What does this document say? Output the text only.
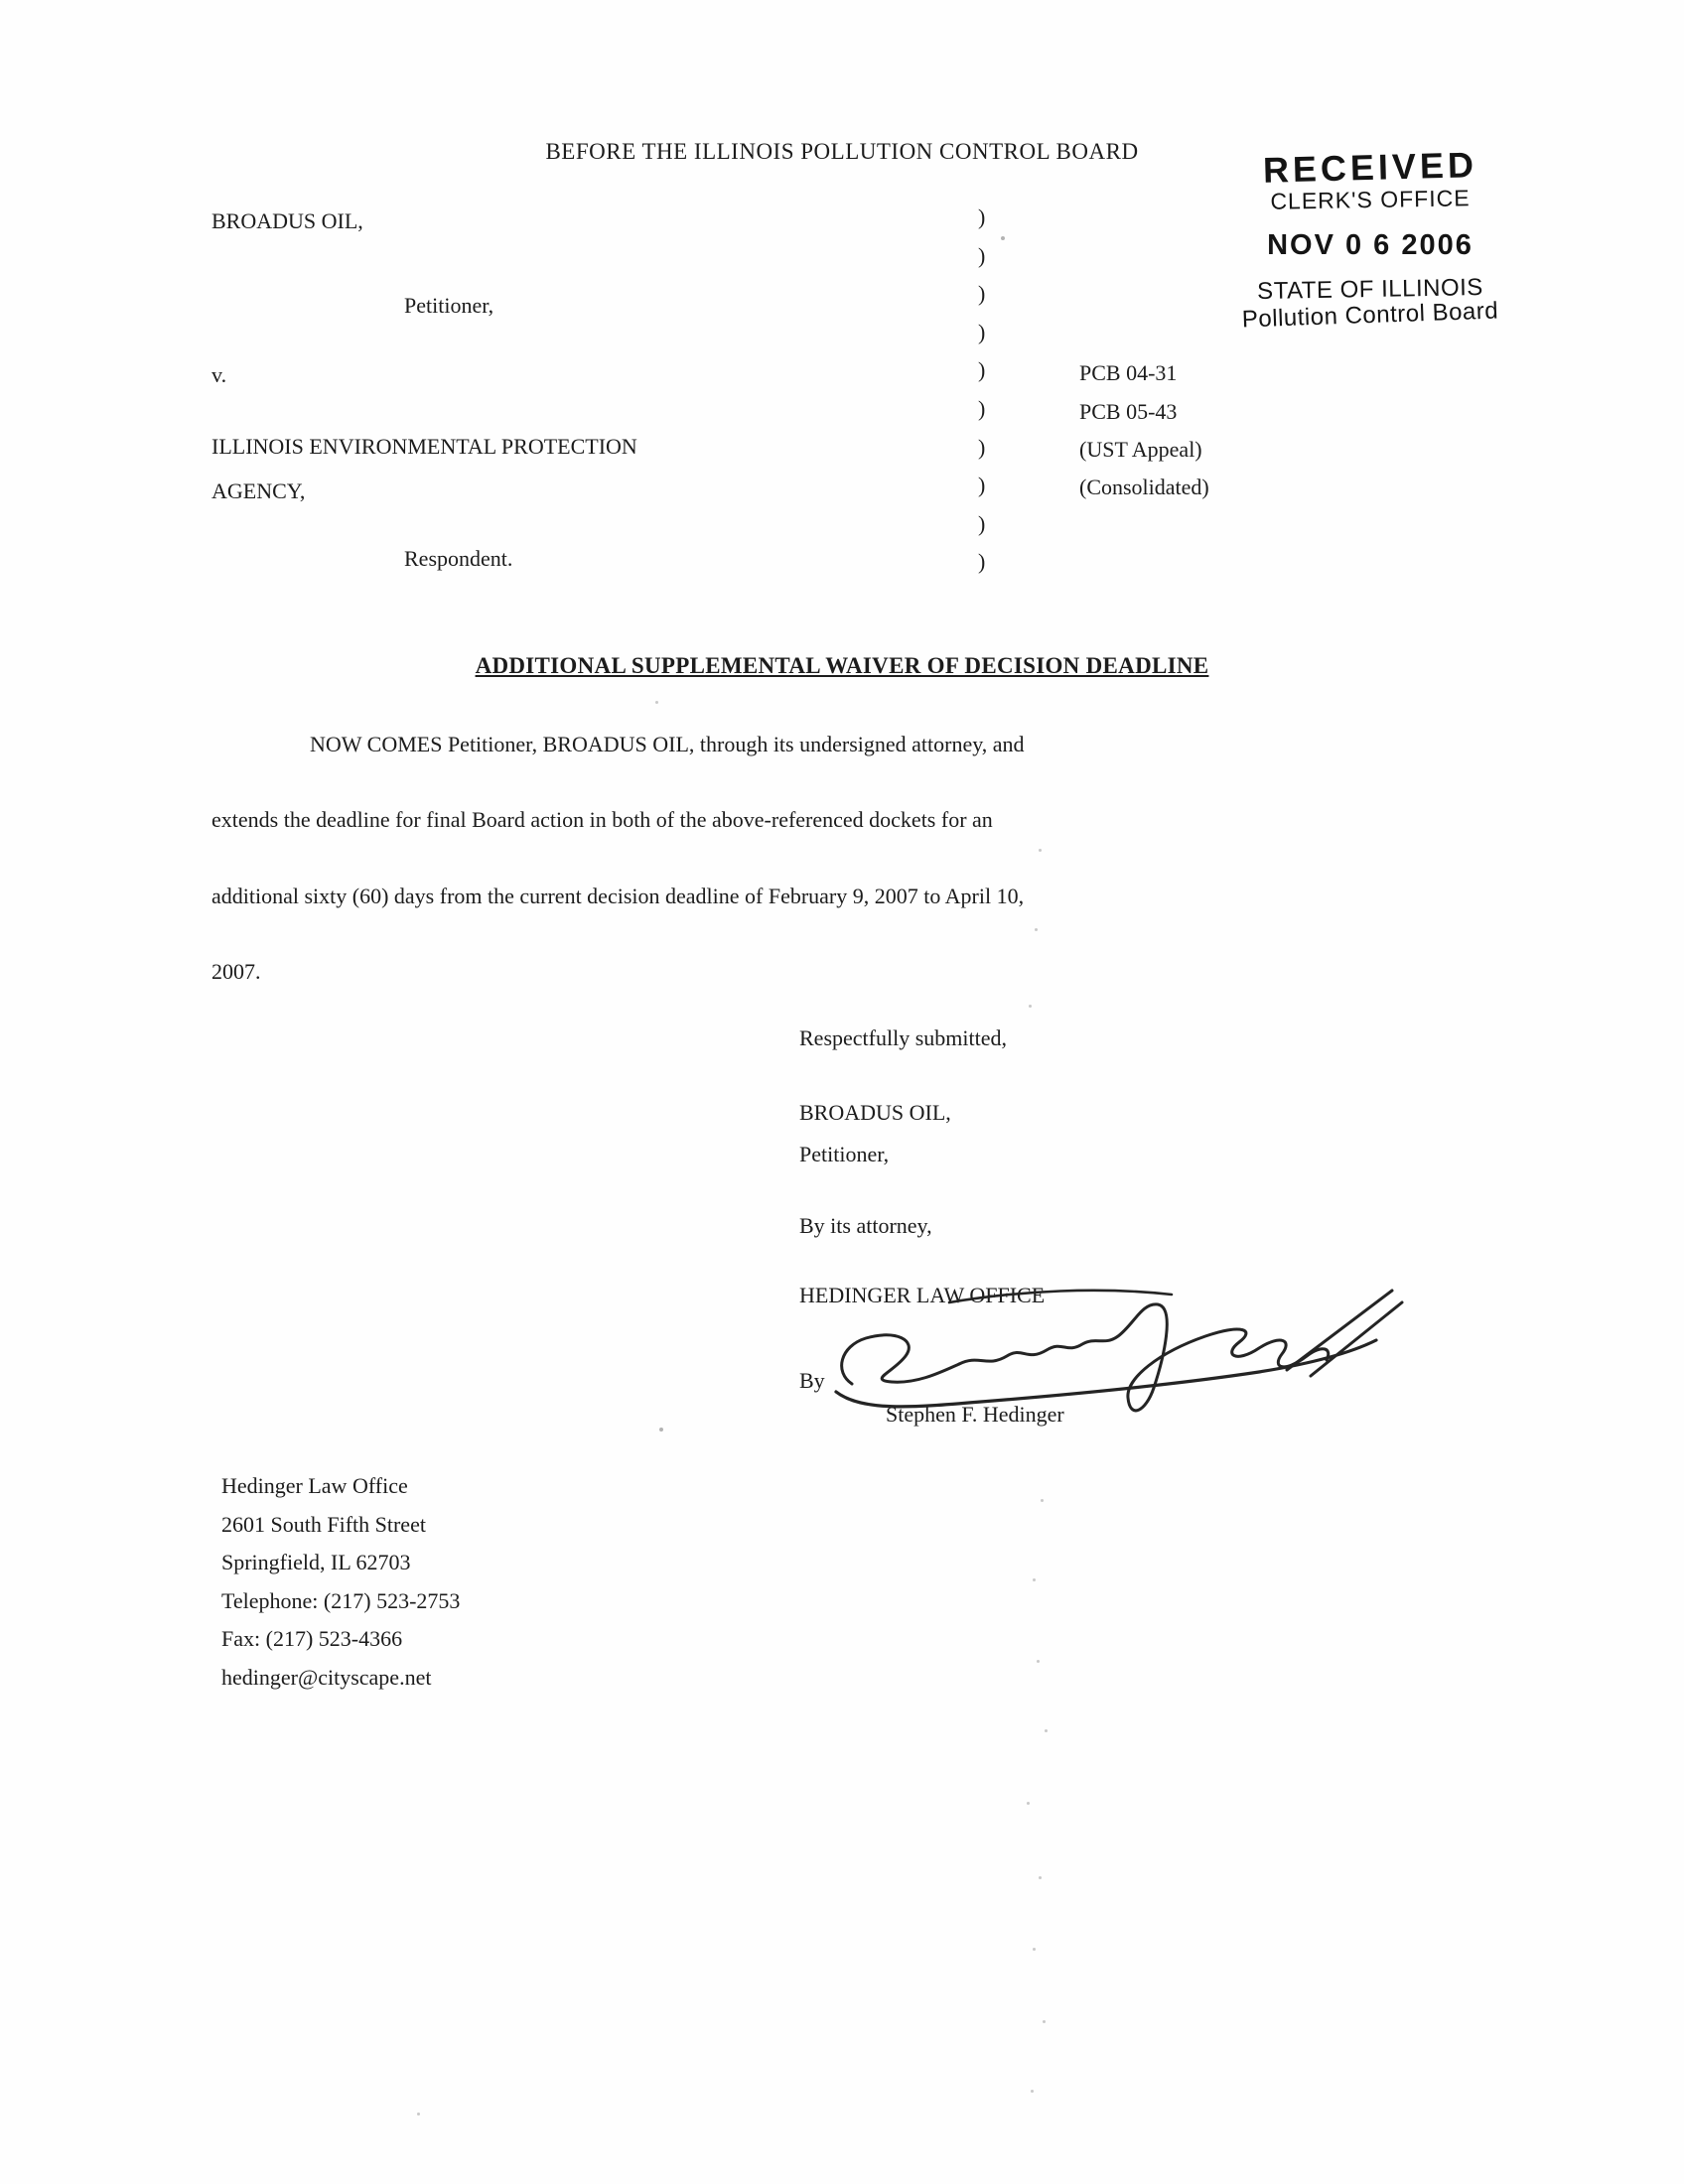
BEFORE THE ILLINOIS POLLUTION CONTROL BOARD	RECEIVED
CLERK'S OFFICE
NOV 0 6 2006
STATE OF ILLINOIS
Pollution Control Board
BROADUS OIL,
Petitioner,
v.
ILLINOIS ENVIRONMENTAL PROTECTION
AGENCY,
Respondent.
)
)
)
)
)
)
)
)
)
)
PCB 04-31
PCB 05-43
(UST Appeal)
(Consolidated)
ADDITIONAL SUPPLEMENTAL WAIVER OF DECISION DEADLINE
NOW COMES Petitioner, BROADUS OIL, through its undersigned attorney, and
extends the deadline for final Board action in both of the above-referenced dockets for an
additional sixty (60) days from the current decision deadline of February 9, 2007 to April 10,
2007.
Respectfully submitted,
BROADUS OIL,
Petitioner,
By its attorney,
HEDINGER LAW OFFICE
By
Stephen F. Hedinger
Hedinger Law Office
2601 South Fifth Street
Springfield, IL 62703
Telephone: (217) 523-2753
Fax: (217) 523-4366
hedinger@cityscape.net
